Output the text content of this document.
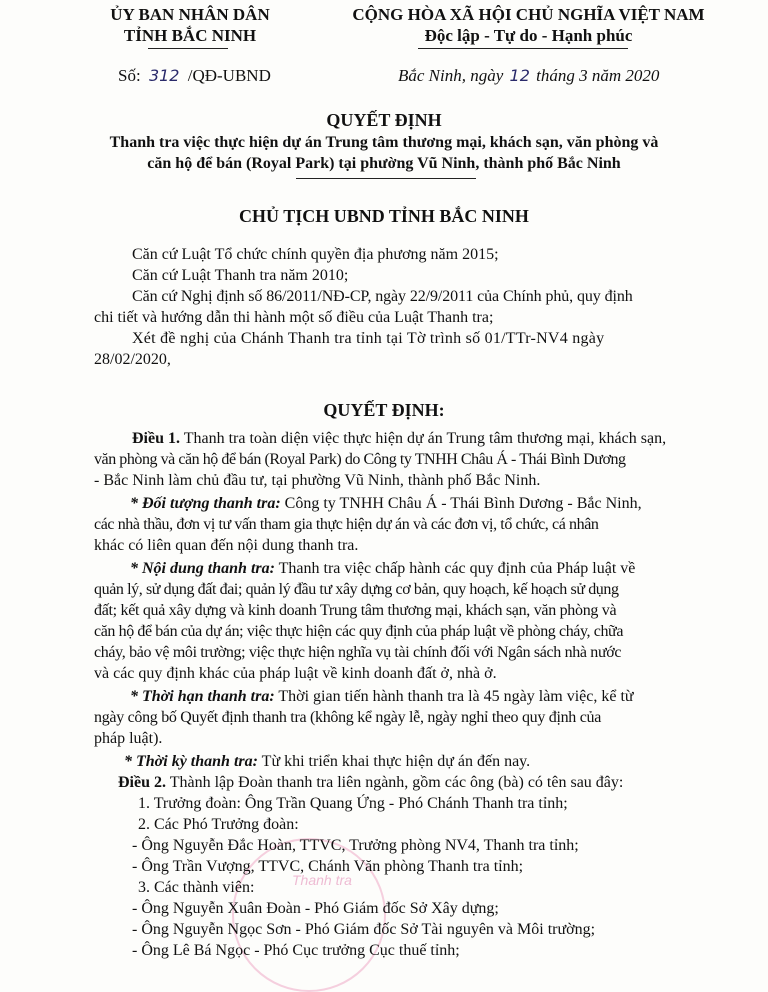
Thanh tra
ỦY BAN NHÂN DÂN
TỈNH BẮC NINH
CỘNG HÒA XÃ HỘI CHỦ NGHĨA VIỆT NAM
Độc lập - Tự do - Hạnh phúc
Số: 312 /QĐ-UBND	Bắc Ninh, ngày 12 tháng 3 năm 2020
QUYẾT ĐỊNH
Thanh tra việc thực hiện dự án Trung tâm thương mại, khách sạn, văn phòng và
căn hộ để bán (Royal Park) tại phường Vũ Ninh, thành phố Bắc Ninh
CHỦ TỊCH UBND TỈNH BẮC NINH
Căn cứ Luật Tổ chức chính quyền địa phương năm 2015;
Căn cứ Luật Thanh tra năm 2010;
Căn cứ Nghị định số 86/2011/NĐ-CP, ngày 22/9/2011 của Chính phủ, quy định
chi tiết và hướng dẫn thi hành một số điều của Luật Thanh tra;
Xét đề nghị của Chánh Thanh tra tỉnh tại Tờ trình số 01/TTr-NV4 ngày
28/02/2020,
QUYẾT ĐỊNH:
Điều 1. Thanh tra toàn diện việc thực hiện dự án Trung tâm thương mại, khách sạn,
văn phòng và căn hộ để bán (Royal Park) do Công ty TNHH Châu Á - Thái Bình Dương
- Bắc Ninh làm chủ đầu tư, tại phường Vũ Ninh, thành phố Bắc Ninh.
* Đối tượng thanh tra: Công ty TNHH Châu Á - Thái Bình Dương - Bắc Ninh,
các nhà thầu, đơn vị tư vấn tham gia thực hiện dự án và các đơn vị, tổ chức, cá nhân
khác có liên quan đến nội dung thanh tra.
* Nội dung thanh tra: Thanh tra việc chấp hành các quy định của Pháp luật về
quản lý, sử dụng đất đai; quản lý đầu tư xây dựng cơ bản, quy hoạch, kế hoạch sử dụng
đất; kết quả xây dựng và kinh doanh Trung tâm thương mại, khách sạn, văn phòng và
căn hộ để bán của dự án; việc thực hiện các quy định của pháp luật về phòng cháy, chữa
cháy, bảo vệ môi trường; việc thực hiện nghĩa vụ tài chính đối với Ngân sách nhà nước
và các quy định khác của pháp luật về kinh doanh đất ở, nhà ở.
* Thời hạn thanh tra: Thời gian tiến hành thanh tra là 45 ngày làm việc, kể từ
ngày công bố Quyết định thanh tra (không kể ngày lễ, ngày nghỉ theo quy định của
pháp luật).
* Thời kỳ thanh tra: Từ khi triển khai thực hiện dự án đến nay.
Điều 2. Thành lập Đoàn thanh tra liên ngành, gồm các ông (bà) có tên sau đây:
1. Trưởng đoàn: Ông Trần Quang Ứng - Phó Chánh Thanh tra tỉnh;
2. Các Phó Trưởng đoàn:
- Ông Nguyễn Đắc Hoàn, TTVC, Trưởng phòng NV4, Thanh tra tỉnh;
- Ông Trần Vượng, TTVC, Chánh Văn phòng Thanh tra tỉnh;
3. Các thành viên:
- Ông Nguyễn Xuân Đoàn - Phó Giám đốc Sở Xây dựng;
- Ông Nguyễn Ngọc Sơn - Phó Giám đốc Sở Tài nguyên và Môi trường;
- Ông Lê Bá Ngọc - Phó Cục trưởng Cục thuế tỉnh;
